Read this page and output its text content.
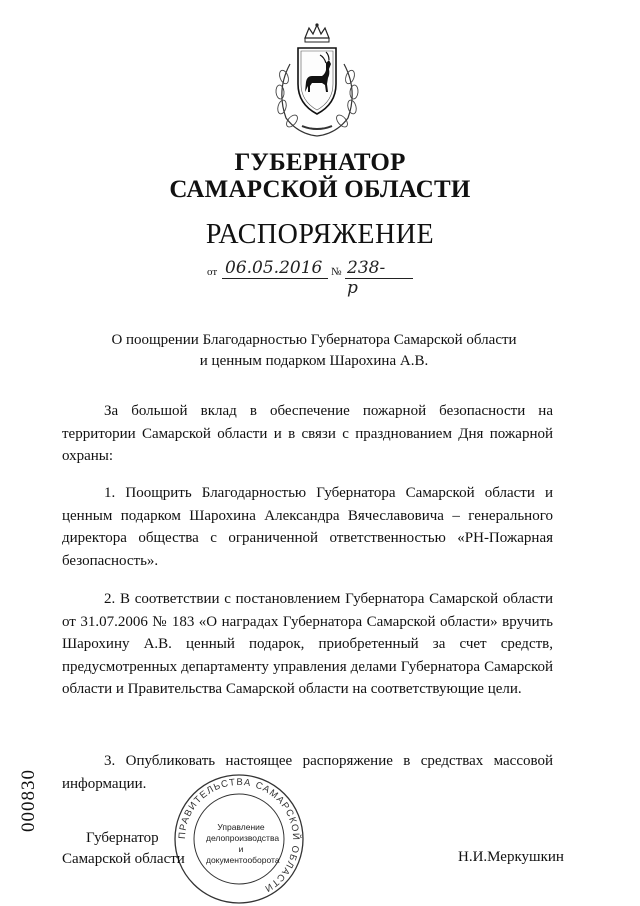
ГУБЕРНАТОР
САМАРСКОЙ ОБЛАСТИ
РАСПОРЯЖЕНИЕ
от 06.05.2016 № 238-р
О поощрении Благодарностью Губернатора Самарской области
и ценным подарком Шарохина А.В.
За большой вклад в обеспечение пожарной безопасности на территории Самарской области и в связи с празднованием Дня пожарной охраны:
1. Поощрить Благодарностью Губернатора Самарской области и ценным подарком Шарохина Александра Вячеславовича – генерального директора общества с ограниченной ответственностью «РН-Пожарная безопасность».
2. В соответствии с постановлением Губернатора Самарской области от 31.07.2006 № 183 «О наградах Губернатора Самарской области» вручить Шарохину А.В. ценный подарок, приобретенный за счет средств, предусмотренных департаменту управления делами Губернатора Самарской области и Правительства Самарской области на соответствующие цели.
3. Опубликовать настоящее распоряжение в средствах массовой информации.
000830
ПРАВИТЕЛЬСТВА САМАРСКОЙ ОБЛАСТИ
Управление
делопроизводства
и документооборота
Губернатор
Самарской области	Н.И.Меркушкин
